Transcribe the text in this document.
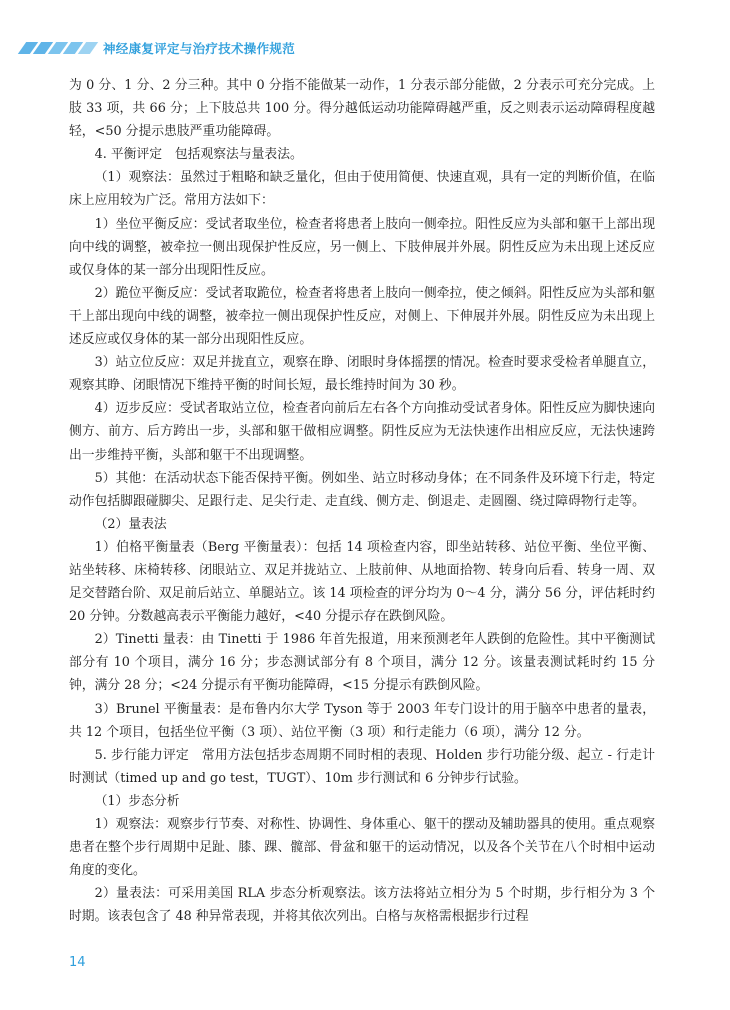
神经康复评定与治疗技术操作规范

为 0 分、1 分、2 分三种。其中 0 分指不能做某一动作，1 分表示部分能做，2 分表示可充分完成。上肢 33 项，共 66 分；上下肢总共 100 分。得分越低运动功能障碍越严重，反之则表示运动障碍程度越轻，<50 分提示患肢严重功能障碍。

4. 平衡评定　包括观察法与量表法。

（1）观察法：虽然过于粗略和缺乏量化，但由于使用简便、快速直观，具有一定的判断价值，在临床上应用较为广泛。常用方法如下：

1）坐位平衡反应：受试者取坐位，检查者将患者上肢向一侧牵拉。阳性反应为头部和躯干上部出现向中线的调整，被牵拉一侧出现保护性反应，另一侧上、下肢伸展并外展。阴性反应为未出现上述反应或仅身体的某一部分出现阳性反应。

2）跪位平衡反应：受试者取跪位，检查者将患者上肢向一侧牵拉，使之倾斜。阳性反应为头部和躯干上部出现向中线的调整，被牵拉一侧出现保护性反应，对侧上、下伸展并外展。阴性反应为未出现上述反应或仅身体的某一部分出现阳性反应。

3）站立位反应：双足并拢直立，观察在睁、闭眼时身体摇摆的情况。检查时要求受检者单腿直立，观察其睁、闭眼情况下维持平衡的时间长短，最长维持时间为 30 秒。

4）迈步反应：受试者取站立位，检查者向前后左右各个方向推动受试者身体。阳性反应为脚快速向侧方、前方、后方跨出一步，头部和躯干做相应调整。阴性反应为无法快速作出相应反应，无法快速跨出一步维持平衡，头部和躯干不出现调整。

5）其他：在活动状态下能否保持平衡。例如坐、站立时移动身体；在不同条件及环境下行走，特定动作包括脚跟碰脚尖、足跟行走、足尖行走、走直线、侧方走、倒退走、走圆圈、绕过障碍物行走等。

（2）量表法

1）伯格平衡量表（Berg 平衡量表）：包括 14 项检查内容，即坐站转移、站位平衡、坐位平衡、站坐转移、床椅转移、闭眼站立、双足并拢站立、上肢前伸、从地面拾物、转身向后看、转身一周、双足交替踏台阶、双足前后站立、单腿站立。该 14 项检查的评分均为 0～4 分，满分 56 分，评估耗时约 20 分钟。分数越高表示平衡能力越好，<40 分提示存在跌倒风险。

2）Tinetti 量表：由 Tinetti 于 1986 年首先报道，用来预测老年人跌倒的危险性。其中平衡测试部分有 10 个项目，满分 16 分；步态测试部分有 8 个项目，满分 12 分。该量表测试耗时约 15 分钟，满分 28 分；<24 分提示有平衡功能障碍，<15 分提示有跌倒风险。

3）Brunel 平衡量表：是布鲁内尔大学 Tyson 等于 2003 年专门设计的用于脑卒中患者的量表，共 12 个项目，包括坐位平衡（3 项）、站位平衡（3 项）和行走能力（6 项），满分 12 分。

5. 步行能力评定　常用方法包括步态周期不同时相的表现、Holden 步行功能分级、起立 - 行走计时测试（timed up and go test，TUGT）、10m 步行测试和 6 分钟步行试验。

（1）步态分析

1）观察法：观察步行节奏、对称性、协调性、身体重心、躯干的摆动及辅助器具的使用。重点观察患者在整个步行周期中足趾、膝、踝、髋部、骨盆和躯干的运动情况，以及各个关节在八个时相中运动角度的变化。

2）量表法：可采用美国 RLA 步态分析观察法。该方法将站立相分为 5 个时期，步行相分为 3 个时期。该表包含了 48 种异常表现，并将其依次列出。白格与灰格需根据步行过程

14
